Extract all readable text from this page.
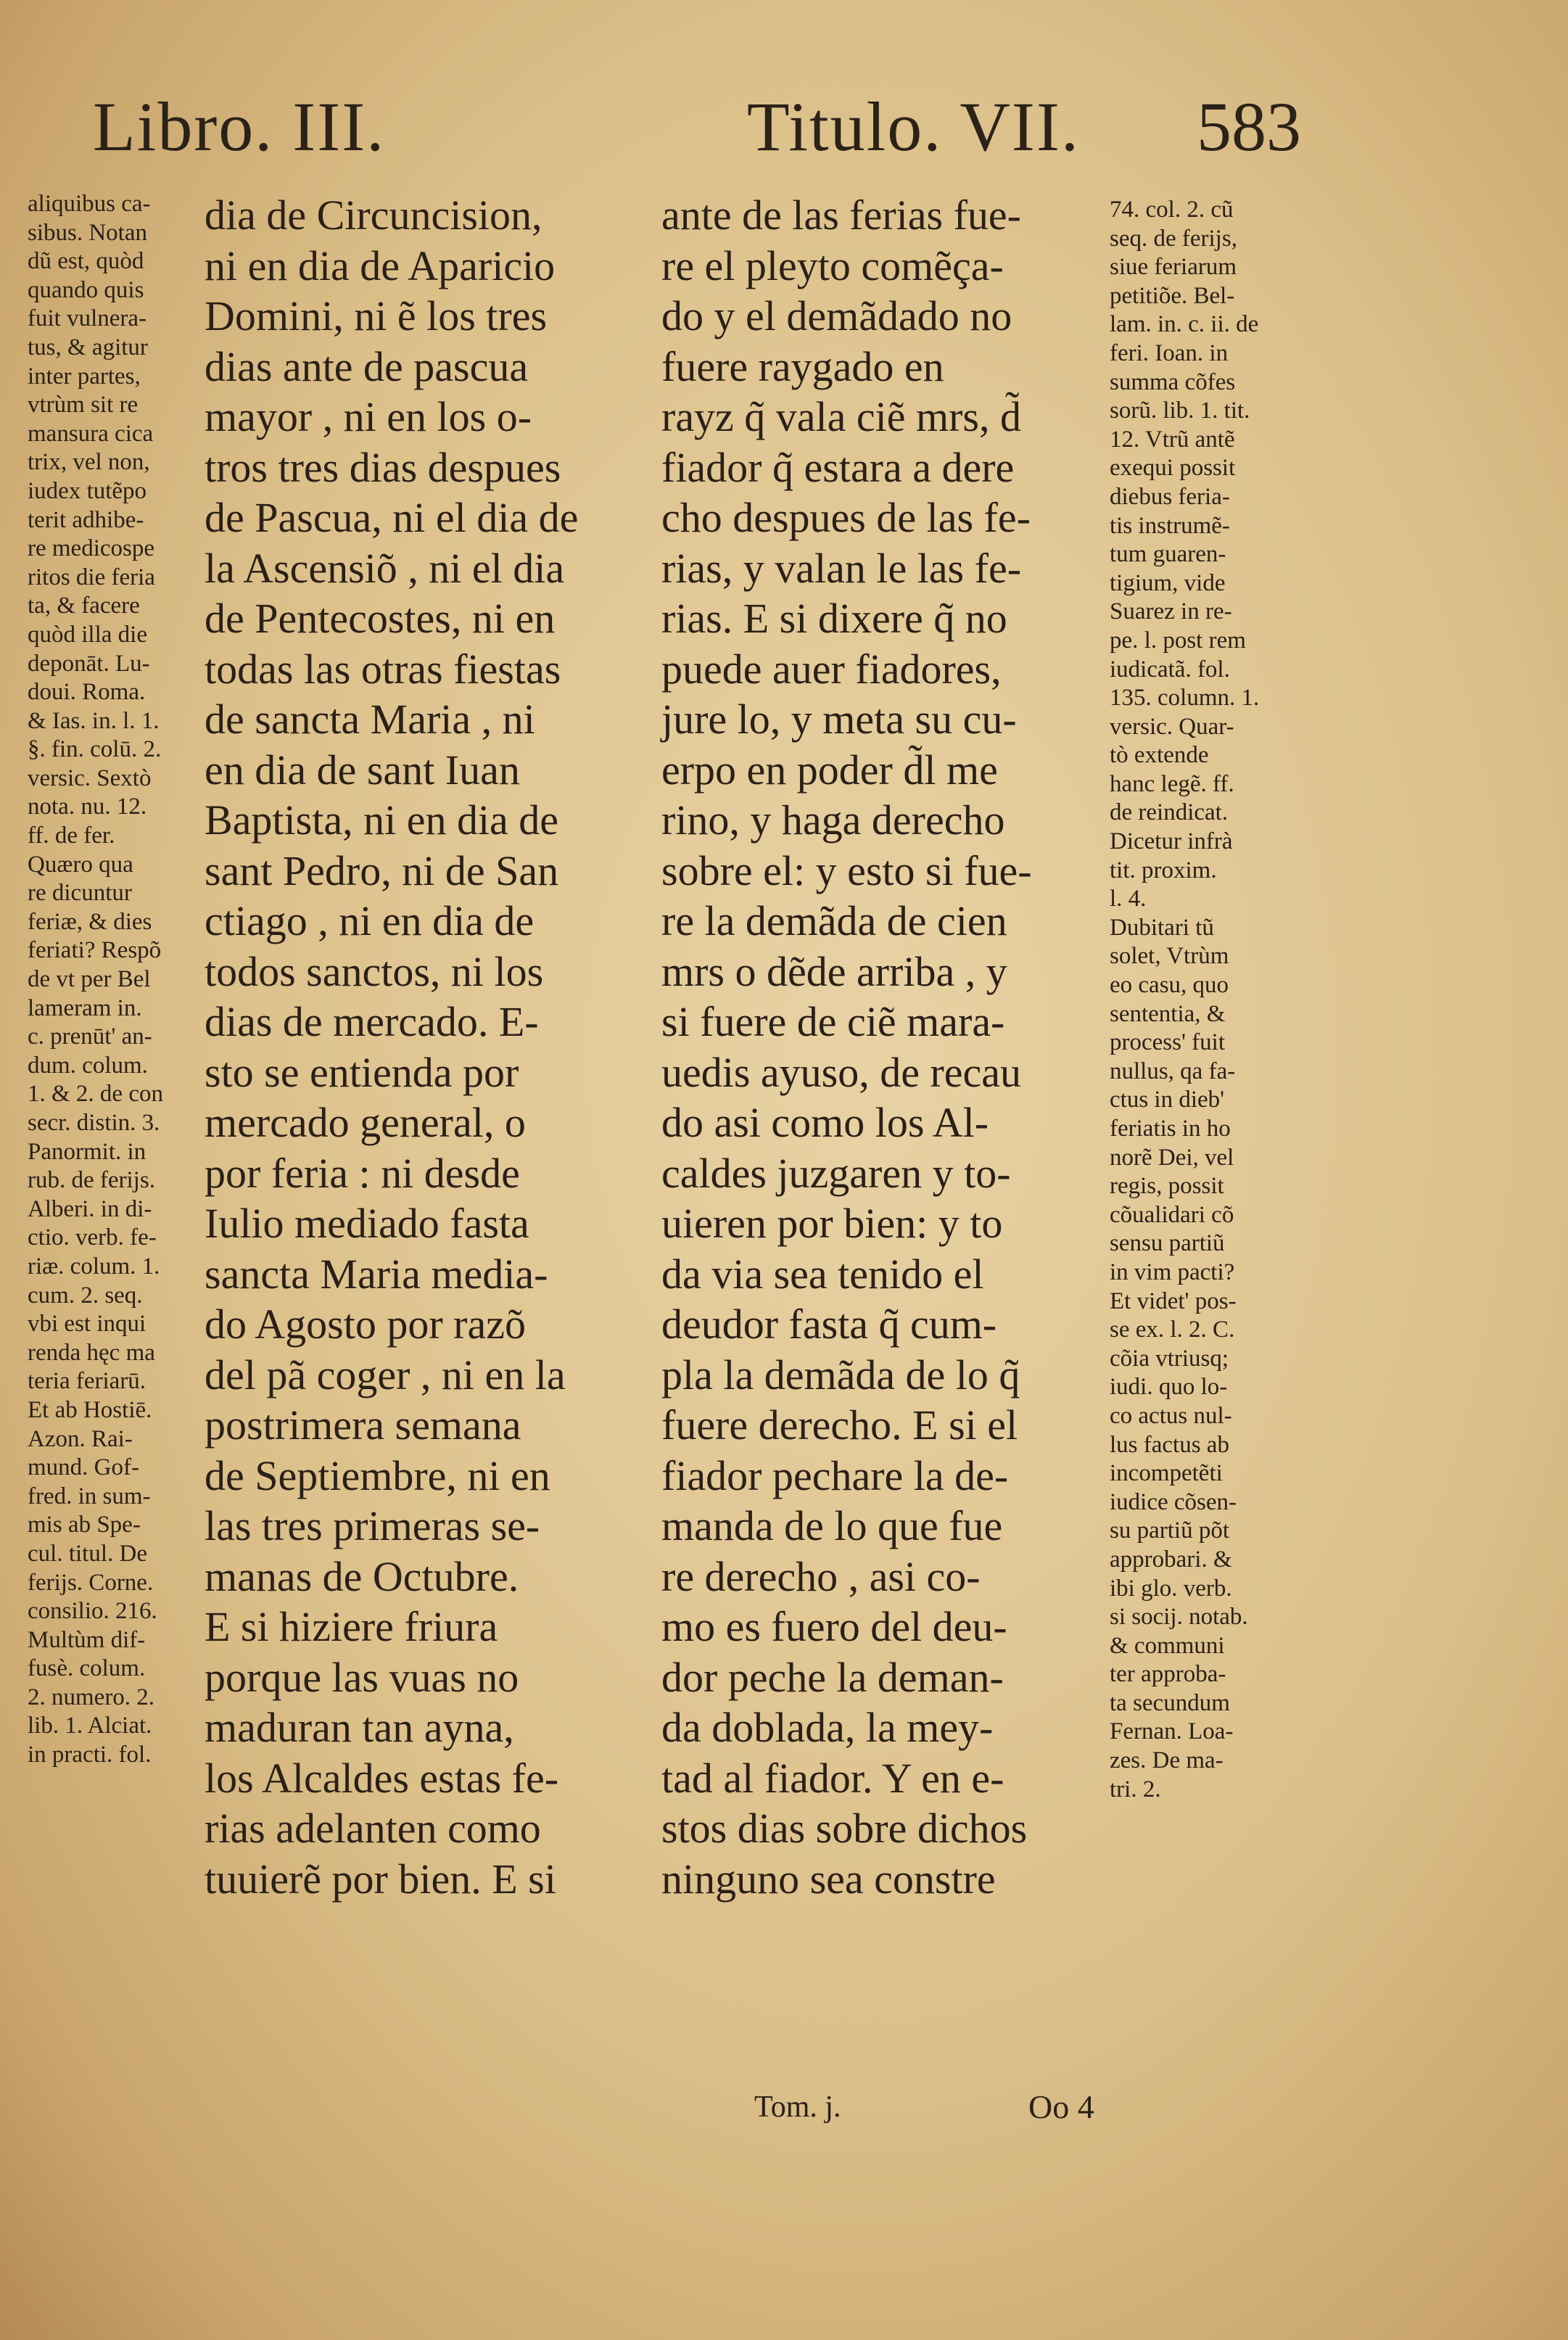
Libro. III.	Titulo. VII. 583
aliquibus ca-
sibus. Notan
dũ est, quòd
quando quis
fuit vulnera-
tus, & agitur
inter partes,
vtrùm sit re
mansura cica
trix, vel non,
iudex tutẽpo
terit adhibe-
re medicospe
ritos die feria
ta, & facere
quòd illa die
deponāt. Lu-
doui. Roma.
& Ias. in. l. 1.
§. fin. colū. 2.
versic. Sextò
nota. nu. 12.
ff. de fer.
Quæro qua
re dicuntur
feriæ, & dies
feriati? Respõ
de vt per Bel
lameram in.
c. prenūt' an-
dum. colum.
1. & 2. de con
secr. distin. 3.
Panormit. in
rub. de ferijs.
Alberi. in di-
ctio. verb. fe-
riæ. colum. 1.
cum. 2. seq.
vbi est inqui
renda hęc ma
teria feriarū.
Et ab Hostiē.
Azon. Rai-
mund. Gof-
fred. in sum-
mis ab Spe-
cul. titul. De
ferijs. Corne.
consilio. 216.
Multùm dif-
fusè. colum.
2. numero. 2.
lib. 1. Alciat.
in practi. fol.
dia de Circuncision,
ni en dia de Aparicio
Domini, ni ẽ los tres
dias ante de pascua
mayor , ni en los o-
tros tres dias despues
de Pascua, ni el dia de
la Ascensiõ , ni el dia
de Pentecostes, ni en
todas las otras fiestas
de sancta Maria , ni
en dia de sant Iuan
Baptista, ni en dia de
sant Pedro, ni de San
ctiago , ni en dia de
todos sanctos, ni los
dias de mercado. E-
sto se entienda por
mercado general, o
por feria : ni desde
Iulio mediado fasta
sancta Maria media-
do Agosto por razõ
del pã coger , ni en la
postrimera semana
de Septiembre, ni en
las tres primeras se-
manas de Octubre.
E si hiziere friura
porque las vuas no
maduran tan ayna,
los Alcaldes estas fe-
rias adelanten como
tuuierẽ por bien. E si
ante de las ferias fue-
re el pleyto comẽça-
do y el demãdado no
fuere raygado en
rayz q̃ vala ciẽ mrs, d̃
fiador q̃ estara a dere
cho despues de las fe-
rias, y valan le las fe-
rias. E si dixere q̃ no
puede auer fiadores,
jure lo, y meta su cu-
erpo en poder d̃l me
rino, y haga derecho
sobre el: y esto si fue-
re la demãda de cien
mrs o dẽde arriba , y
si fuere de ciẽ mara-
uedis ayuso, de recau
do asi como los Al-
caldes juzgaren y to-
uieren por bien: y to
da via sea tenido el
deudor fasta q̃ cum-
pla la demãda de lo q̃
fuere derecho. E si el
fiador pechare la de-
manda de lo que fue
re derecho , asi co-
mo es fuero del deu-
dor peche la deman-
da doblada, la mey-
tad al fiador. Y en e-
stos dias sobre dichos
ninguno sea constre
74. col. 2. cũ
seq. de ferijs,
siue feriarum
petitiõe. Bel-
lam. in. c. ii. de
feri. Ioan. in
summa cõfes
sorũ. lib. 1. tit.
12. Vtrũ antẽ
exequi possit
diebus feria-
tis instrumẽ-
tum guaren-
tigium, vide
Suarez in re-
pe. l. post rem
iudicatã. fol.
135. column. 1.
versic. Quar-
tò extende
hanc legẽ. ff.
de reindicat.
Dicetur infrà
tit. proxim.
l. 4.
Dubitari tũ
solet, Vtrùm
eo casu, quo
sententia, &
process' fuit
nullus, qa fa-
ctus in dieb'
feriatis in ho
norẽ Dei, vel
regis, possit
cõualidari cõ
sensu partiũ
in vim pacti?
Et videt' pos-
se ex. l. 2. C.
cõia vtriusq;
iudi. quo lo-
co actus nul-
lus factus ab
incompetẽti
iudice cõsen-
su partiũ põt
approbari. &
ibi glo. verb.
si socij. notab.
& communi
ter approba-
ta secundum
Fernan. Loa-
zes. De ma-
tri. 2.
Tom. j.	Oo 4
